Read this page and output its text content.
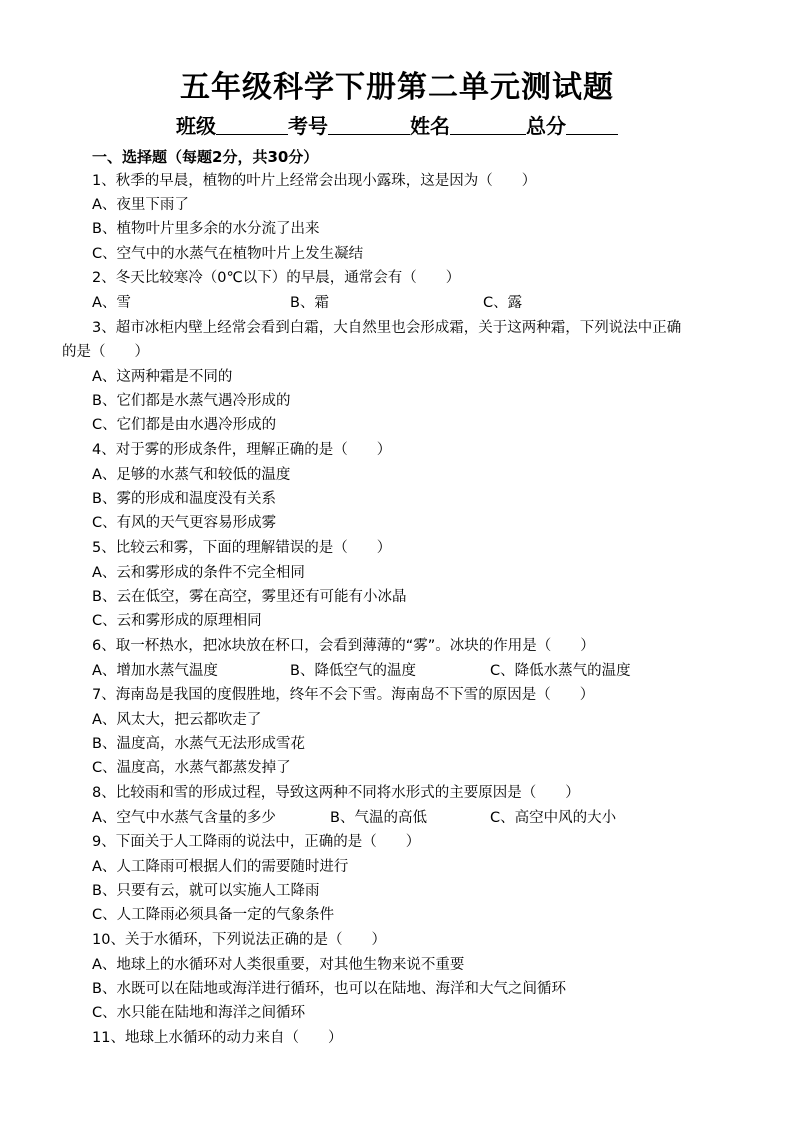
五年级科学下册第二单元测试题
班级	考号	姓名	总分
一、选择题（每题2分，共30分）
1、秋季的早晨，植物的叶片上经常会出现小露珠，这是因为（　　）
A、夜里下雨了
B、植物叶片里多余的水分流了出来
C、空气中的水蒸气在植物叶片上发生凝结
2、冬天比较寒冷（0℃以下）的早晨，通常会有（　　）
A、雪	B、霜	C、露
3、超市冰柜内壁上经常会看到白霜，大自然里也会形成霜，关于这两种霜，下列说法中正确
的是（　　）
A、这两种霜是不同的
B、它们都是水蒸气遇冷形成的
C、它们都是由水遇冷形成的
4、对于雾的形成条件，理解正确的是（　　）
A、足够的水蒸气和较低的温度
B、雾的形成和温度没有关系
C、有风的天气更容易形成雾
5、比较云和雾，下面的理解错误的是（　　）
A、云和雾形成的条件不完全相同
B、云在低空，雾在高空，雾里还有可能有小冰晶
C、云和雾形成的原理相同
6、取一杯热水，把冰块放在杯口，会看到薄薄的“雾”。冰块的作用是（　　）
A、增加水蒸气温度	B、降低空气的温度	C、降低水蒸气的温度
7、海南岛是我国的度假胜地，终年不会下雪。海南岛不下雪的原因是（　　）
A、风太大，把云都吹走了
B、温度高，水蒸气无法形成雪花
C、温度高，水蒸气都蒸发掉了
8、比较雨和雪的形成过程，导致这两种不同将水形式的主要原因是（　　）
A、空气中水蒸气含量的多少	B、气温的高低	C、高空中风的大小
9、下面关于人工降雨的说法中，正确的是（　　）
A、人工降雨可根据人们的需要随时进行
B、只要有云，就可以实施人工降雨
C、人工降雨必须具备一定的气象条件
10、关于水循环，下列说法正确的是（　　）
A、地球上的水循环对人类很重要，对其他生物来说不重要
B、水既可以在陆地或海洋进行循环，也可以在陆地、海洋和大气之间循环
C、水只能在陆地和海洋之间循环
11、地球上水循环的动力来自（　　）
